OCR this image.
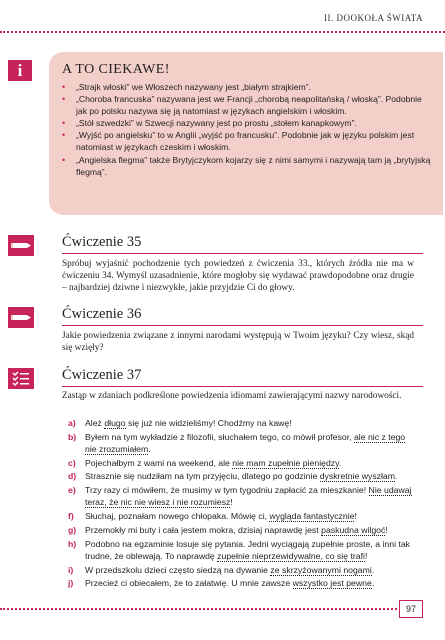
II. DOOKOŁA ŚWIATA
i	A TO CIEKAWE!
• „Strajk włoski” we Włoszech nazywany jest „białym strajkiem”.
• „Choroba francuska” nazywana jest we Francji „chorobą neapolitańską / włoską”. Podobnie jak po polsku nazywa się ją natomiast w językach angielskim i włoskim.
• „Stół szwedzki” w Szwecji nazywany jest po prostu „stołem kanapkowym”.
• „Wyjść po angielsku” to w Anglii „wyjść po francusku”. Podobnie jak w języku polskim jest natomiast w językach czeskim i włoskim.
• „Angielska flegma” także Brytyjczykom kojarzy się z nimi samymi i nazywają tam ją „brytyjską flegmą”.
Ćwiczenie 35
Spróbuj wyjaśnić pochodzenie tych powiedzeń z ćwiczenia 33., których źródła nie ma w ćwiczeniu 34. Wymyśl uzasadnienie, które mogłoby się wydawać prawdopodobne oraz drugie – najbardziej dziwne i niezwykłe, jakie przyjdzie Ci do głowy.
Ćwiczenie 36
Jakie powiedzenia związane z innymi narodami występują w Twoim języku? Czy wiesz, skąd się wzięły?
Ćwiczenie 37
Zastąp w zdaniach podkreślone powiedzenia idiomami zawierającymi nazwy narodowości.
a) Ależ długo się już nie widzieliśmy! Chodźmy na kawę!
b) Byłem na tym wykładzie z filozofii, słuchałem tego, co mówił profesor, ale nic z tego nie zrozumiałem.
c) Pojechałbym z wami na weekend, ale nie mam zupełnie pieniędzy.
d) Strasznie się nudziłam na tym przyjęciu, dlatego po godzinie dyskretnie wyszłam.
e) Trzy razy ci mówiłem, że musimy w tym tygodniu zapłacić za mieszkanie! Nie udawaj teraz, że nic nie wiesz i nie rozumiesz!
f) Słuchaj, poznałam nowego chłopaka. Mówię ci, wygląda fantastycznie!
g) Przemokły mi buty i cała jestem mokra, dzisiaj naprawdę jest paskudna wilgoć!
h) Podobno na egzaminie losuje się pytania. Jedni wyciągają zupełnie proste, a inni tak trudne, że oblewają. To naprawdę zupełnie nieprzewidywalne, co się trafi!
i) W przedszkolu dzieci często siedzą na dywanie ze skrzyżowanymi nogami.
j) Przecież ci obiecałem, że to załatwię. U mnie zawsze wszystko jest pewne.
97
